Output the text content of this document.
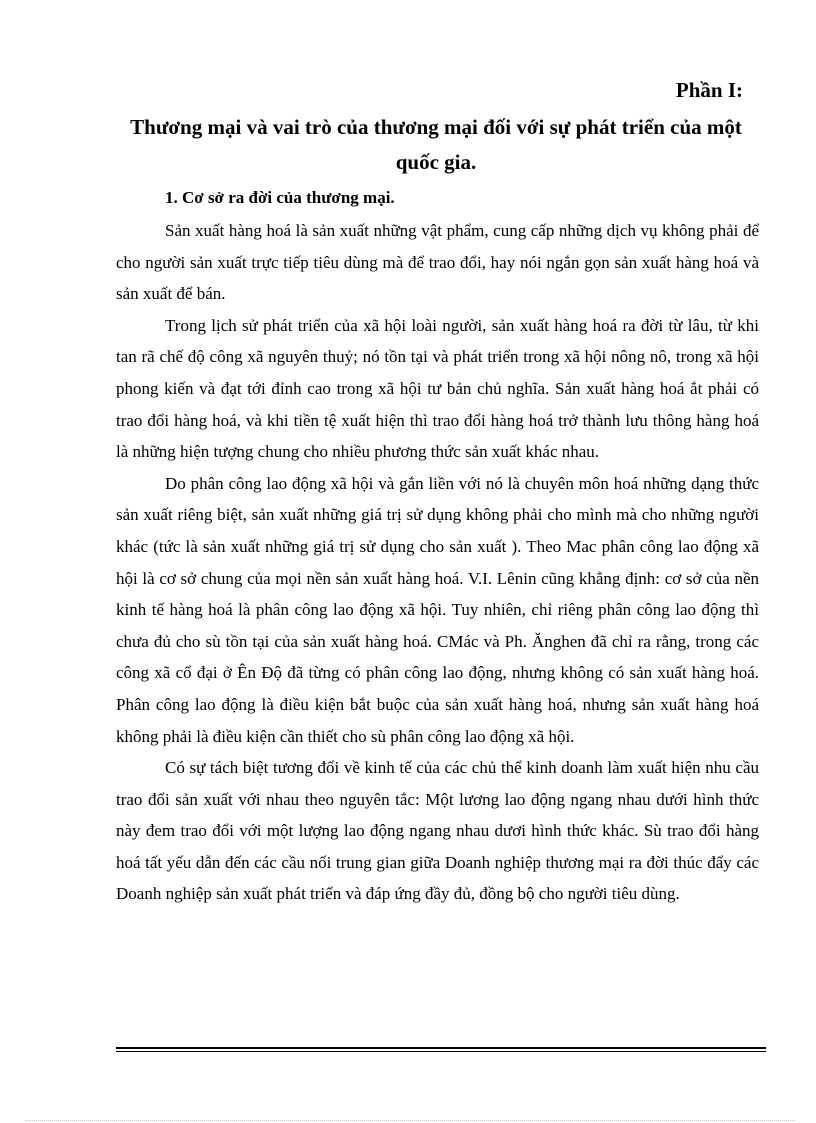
Phần I:
Thương mại và vai trò của thương mại đối với sự phát triển của một quốc gia.
1. Cơ sở ra đời của thương mại.

Sản xuất hàng hoá là sản xuất những vật phẩm, cung cấp những dịch vụ không phải để cho người sản xuất trực tiếp tiêu dùng mà để trao đổi, hay nói ngắn gọn sản xuất hàng hoá và sản xuất để bán.

Trong lịch sử phát triển của xã hội loài người, sản xuất hàng hoá ra đời từ lâu, từ khi tan rã chế độ công xã nguyên thuỷ; nó tồn tại và phát triển trong xã hội nông nô, trong xã hội phong kiến và đạt tới đỉnh cao trong xã hội tư bản chủ nghĩa. Sản xuất hàng hoá ắt phải có trao đổi hàng hoá, và khi tiền tệ xuất hiện thì trao đổi hàng hoá trở thành lưu thông hàng hoá là những hiện tượng chung cho nhiều phương thức sản xuất khác nhau.

Do phân công lao động xã hội và gắn liền với nó là chuyên môn hoá những dạng thức sản xuất riêng biệt, sản xuất những giá trị sử dụng không phải cho mình mà cho những người khác (tức là sản xuất những giá trị sử dụng cho sản xuất ). Theo Mac phân công lao động xã hội là cơ sở chung của mọi nền sản xuất hàng hoá. V.I. Lênin cũng khẳng định: cơ sở của nền kinh tế hàng hoá là phân công lao động xã hội. Tuy nhiên, chỉ riêng phân công lao động thì chưa đủ cho sù tồn tại của sản xuất hàng hoá. CMác và Ph. Ănghen đã chỉ ra rằng, trong các công xã cổ đại ở Ên Độ đã từng có phân công lao động, nhưng không có sản xuất hàng hoá. Phân công lao động là điều kiện bắt buộc của sản xuất hàng hoá, nhưng sản xuất hàng hoá không phải là điều kiện cần thiết cho sù phân công lao động xã hội.

Có sự tách biệt tương đối về kinh tế của các chủ thể kinh doanh làm xuất hiện nhu cầu trao đổi sản xuất với nhau theo nguyên tắc: Một lương lao động ngang nhau dưới hình thức này đem trao đổi với một lượng lao động ngang nhau dươi hình thức khác. Sù trao đổi hàng hoá tất yếu dẫn đến các cầu nối trung gian giữa Doanh nghiệp thương mại ra đời thúc đẩy các Doanh nghiệp sản xuất phát triển và đáp ứng đầy đủ, đồng bộ cho người tiêu dùng.
